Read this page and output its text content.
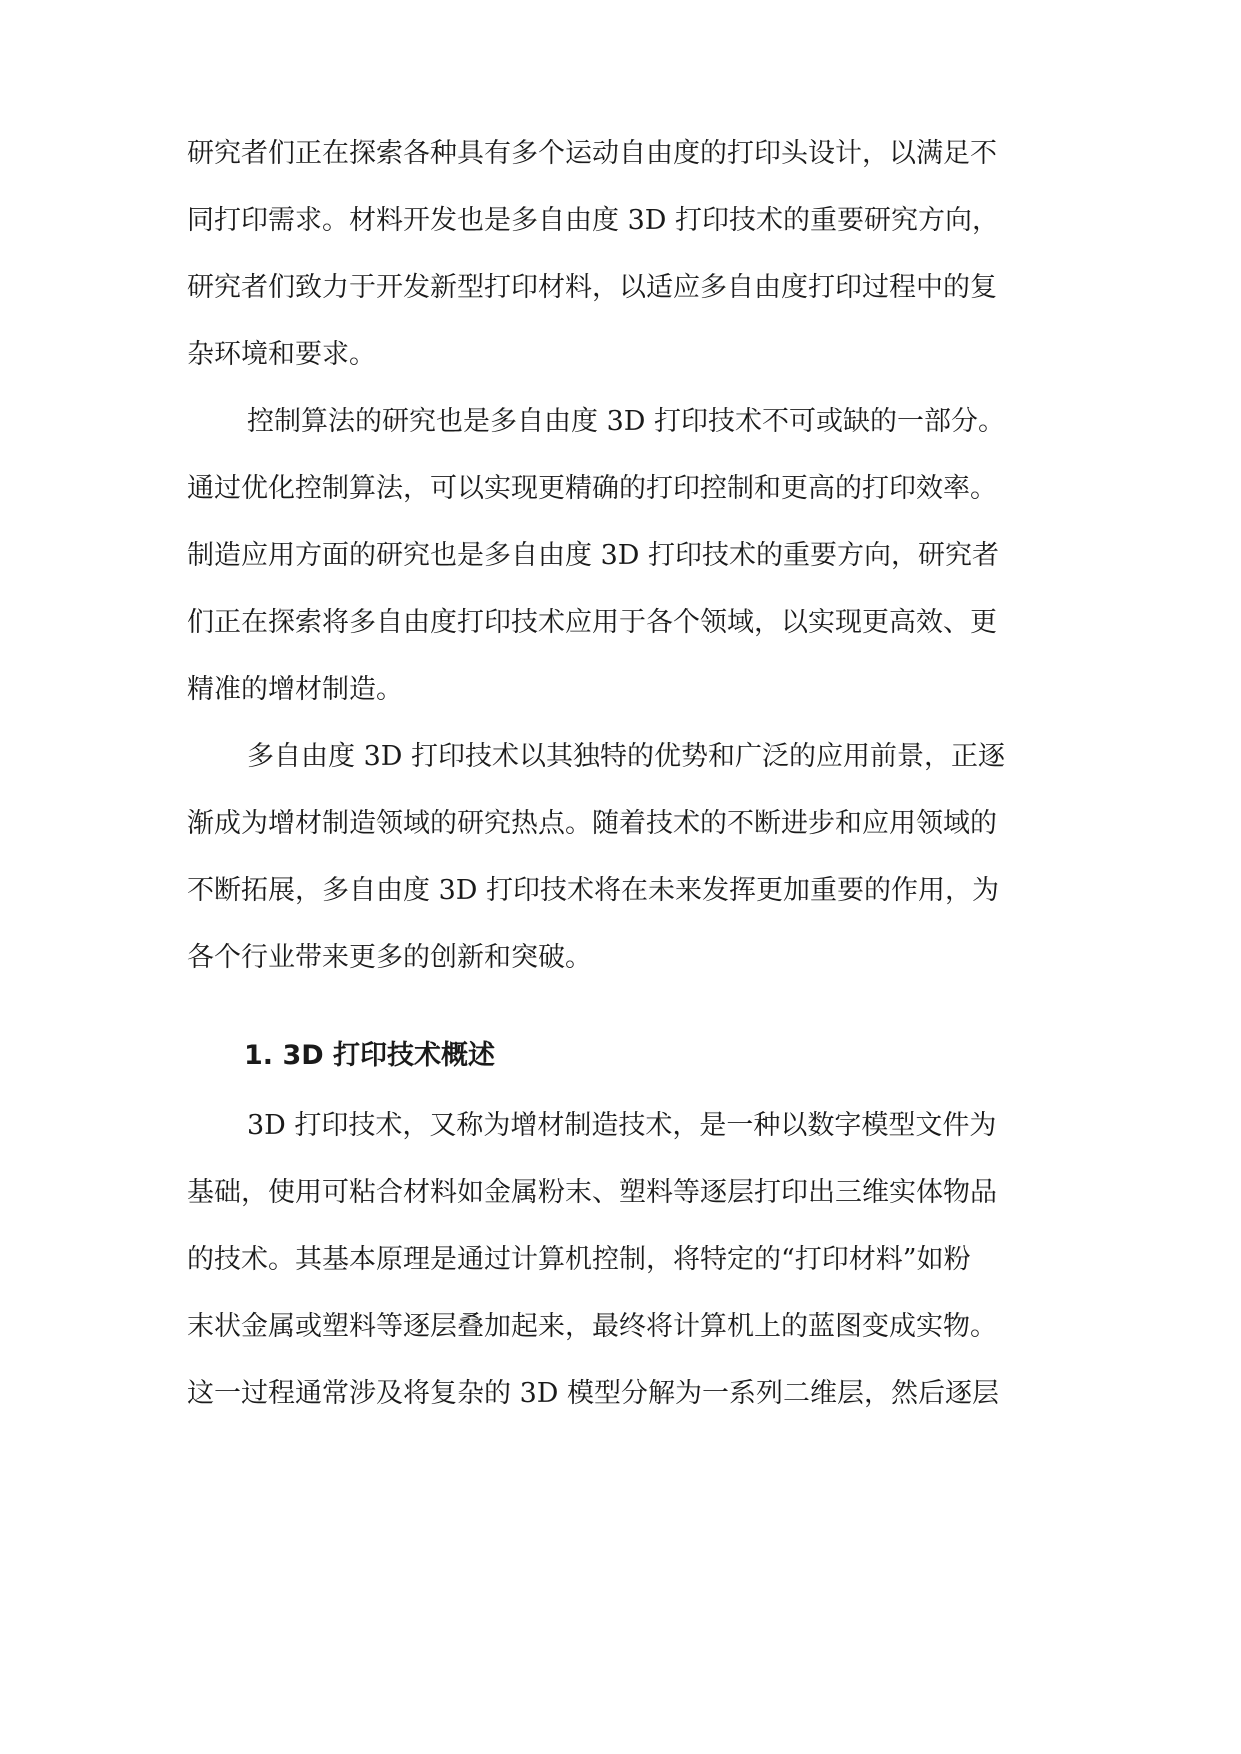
研究者们正在探索各种具有多个运动自由度的打印头设计，以满足不
同打印需求。材料开发也是多自由度 3D 打印技术的重要研究方向，
研究者们致力于开发新型打印材料，以适应多自由度打印过程中的复
杂环境和要求。
控制算法的研究也是多自由度 3D 打印技术不可或缺的一部分。
通过优化控制算法，可以实现更精确的打印控制和更高的打印效率。
制造应用方面的研究也是多自由度 3D 打印技术的重要方向，研究者
们正在探索将多自由度打印技术应用于各个领域，以实现更高效、更
精准的增材制造。
多自由度 3D 打印技术以其独特的优势和广泛的应用前景，正逐
渐成为增材制造领域的研究热点。随着技术的不断进步和应用领域的
不断拓展，多自由度 3D 打印技术将在未来发挥更加重要的作用，为
各个行业带来更多的创新和突破。
1. 3D 打印技术概述
3D 打印技术，又称为增材制造技术，是一种以数字模型文件为
基础，使用可粘合材料如金属粉末、塑料等逐层打印出三维实体物品
的技术。其基本原理是通过计算机控制，将特定的“打印材料”如粉
末状金属或塑料等逐层叠加起来，最终将计算机上的蓝图变成实物。
这一过程通常涉及将复杂的 3D 模型分解为一系列二维层，然后逐层
